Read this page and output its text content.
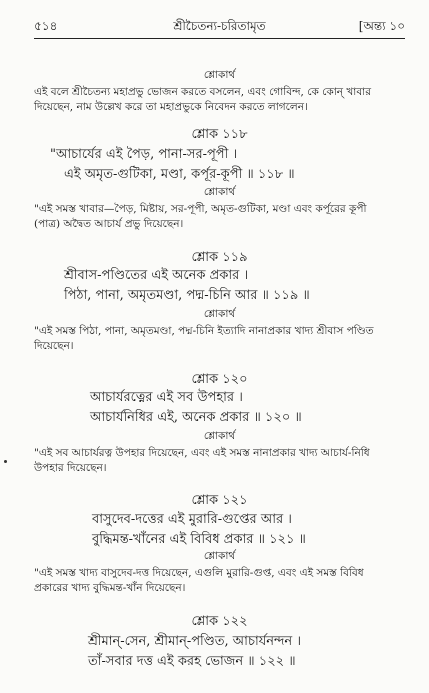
৫১৪	শ্রীচৈতন্য-চরিতামৃত	[অন্ত্য ১০
শ্লোকার্থ
এই বলে শ্রীচৈতন্য মহাপ্রভু ভোজন করতে বসলেন, এবং গোবিন্দ, কে কোন্ খাবার
দিয়েছেন, নাম উল্লেখ করে তা মহাপ্রভুকে নিবেদন করতে লাগলেন।
শ্লোক ১১৮
"আচার্যের এই পৈড়, পানা-সর-পূপী ।
এই অমৃত-গুটিকা, মণ্ডা, কর্পূর-কূপী ॥ ১১৮ ॥
শ্লোকার্থ
"এই সমস্ত খাবার—পৈড়, মিষ্টায়, সর-পূপী, অমৃত-গুটিকা, মণ্ডা এবং কর্পূরের কূপী
(পাত্র) অদ্বৈত আচার্য প্রভু দিয়েছেন।
শ্লোক ১১৯
শ্রীবাস-পণ্ডিতের এই অনেক প্রকার ।
পিঠা, পানা, অমৃতমণ্ডা, পদ্ম-চিনি আর ॥ ১১৯ ॥
শ্লোকার্থ
"এই সমস্ত পিঠা, পানা, অমৃতমণ্ডা, পদ্ম-চিনি ইত্যাদি নানাপ্রকার খাদ্য শ্রীবাস পণ্ডিত
দিয়েছেন।
শ্লোক ১২০
আচার্যরত্নের এই সব উপহার ।
আচার্যনিধির এই, অনেক প্রকার ॥ ১২০ ॥
শ্লোকার্থ
"এই সব আচার্যরত্ন উপহার দিয়েছেন, এবং এই সমস্ত নানাপ্রকার খাদ্য আচার্য-নিধি
উপহার দিয়েছেন।
শ্লোক ১২১
বাসুদেব-দত্তের এই মুরারি-গুপ্তের আর ।
বুদ্ধিমন্ত-খাঁনের এই বিবিধ প্রকার ॥ ১২১ ॥
শ্লোকার্থ
"এই সমস্ত খাদ্য বাসুদেব-দত্ত দিয়েছেন, এগুলি মুরারি-গুপ্ত, এবং এই সমস্ত বিবিধ
প্রকারের খাদ্য বুদ্ধিমন্ত-খাঁন দিয়েছেন।
শ্লোক ১২২
শ্রীমান্-সেন, শ্রীমান্-পণ্ডিত, আচার্যনন্দন ।
তাঁ-সবার দত্ত এই করহ ভোজন ॥ ১২২ ॥
